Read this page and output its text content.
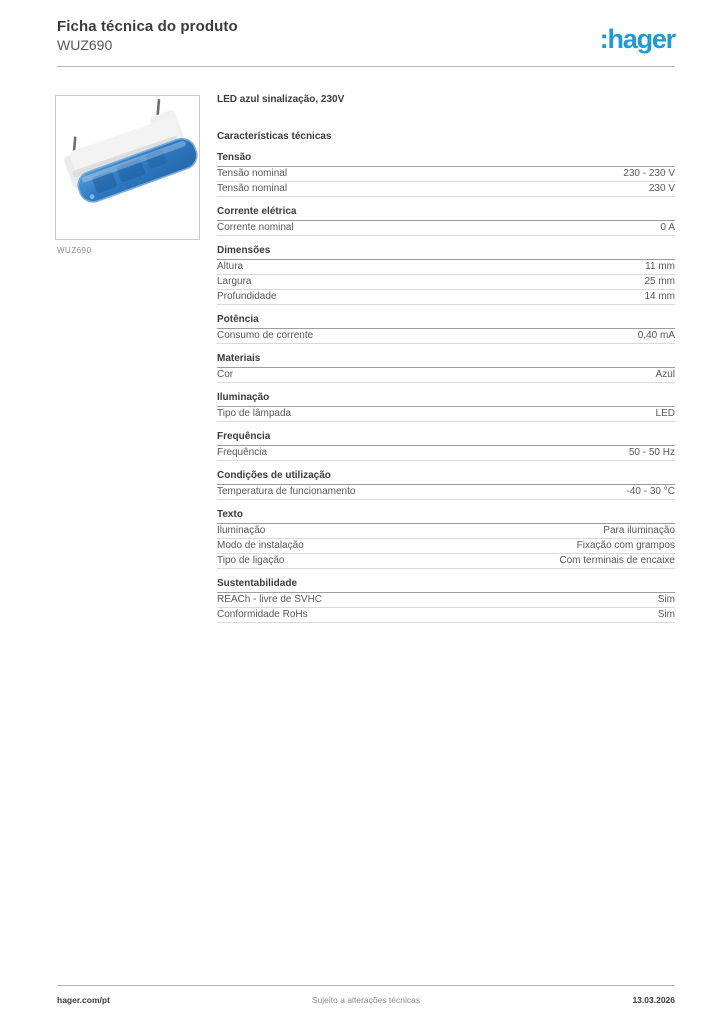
Ficha técnica do produto
WUZ690	:hager
WUZ690
LED azul sinalização, 230V
Características técnicas
Tensão
Tensão nominal	230 - 230 V
Tensão nominal	230 V
Corrente elétrica
Corrente nominal	0 A
Dimensões
Altura	11 mm
Largura	25 mm
Profundidade	14 mm
Potência
Consumo de corrente	0,40 mA
Materiais
Cor	Azul
Iluminação
Tipo de lâmpada	LED
Frequência
Frequência	50 - 50 Hz
Condições de utilização
Temperatura de funcionamento	-40 - 30 °C
Texto
Iluminação	Para iluminação
Modo de instalação	Fixação com grampos
Tipo de ligação	Com terminais de encaixe
Sustentabilidade
REACh - livre de SVHC	Sim
Conformidade RoHs	Sim
hager.com/pt	Sujeito a alterações técnicas	13.03.2026
